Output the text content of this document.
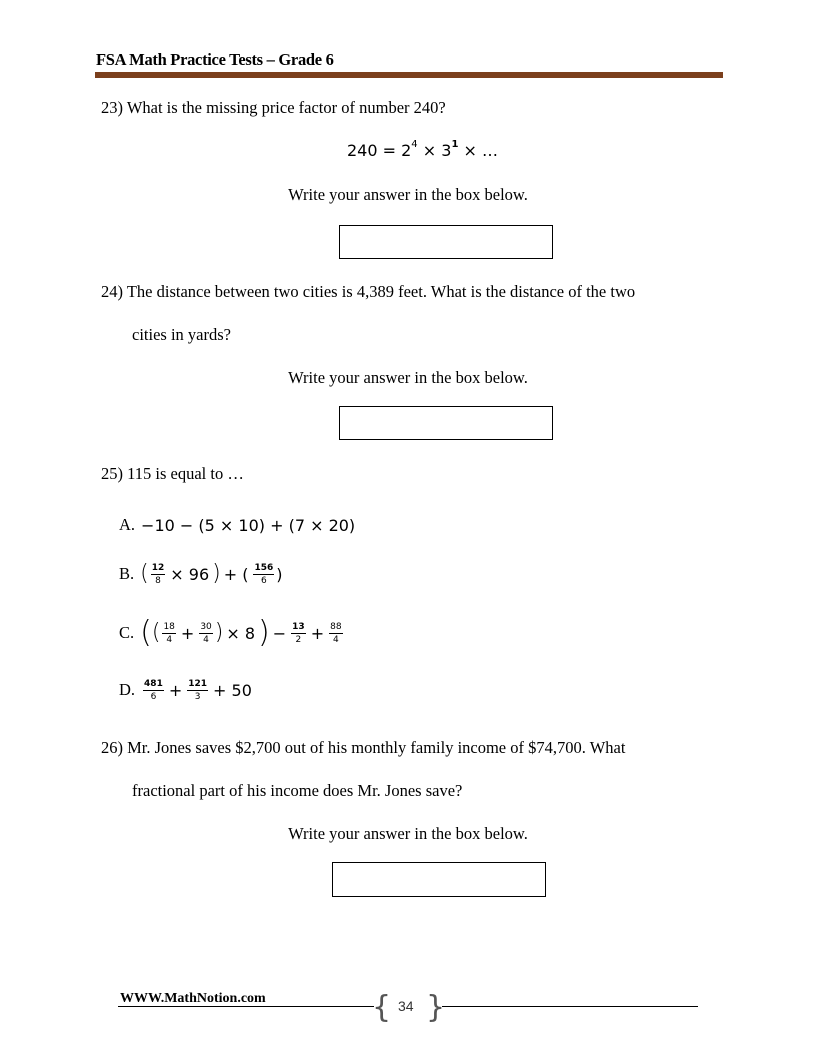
FSA Math Practice Tests – Grade 6
23) What is the missing price factor of number 240?
$240 = 2^4 \times 3^1$ × …
Write your answer in the box below.
24) The distance between two cities is 4,389 feet. What is the distance of the two
cities in yards?
Write your answer in the box below.
25) 115 is equal to …
A. −10 − (5 × 10) + (7 × 20)
B. ( $\frac{12}{8} \times 96$ ) + ( $\frac{156}{6}$ )
C. ( ( $\frac{18}{4} + \frac{30}{4}$ ) × 8 ) − $\frac{13}{2} + \frac{88}{4}$
D. $\frac{481}{6} + \frac{121}{3} + 50$
26) Mr. Jones saves $2,700 out of his monthly family income of $74,700. What
fractional part of his income does Mr. Jones save?
Write your answer in the box below.
WWW.MathNotion.com	{ }
34
